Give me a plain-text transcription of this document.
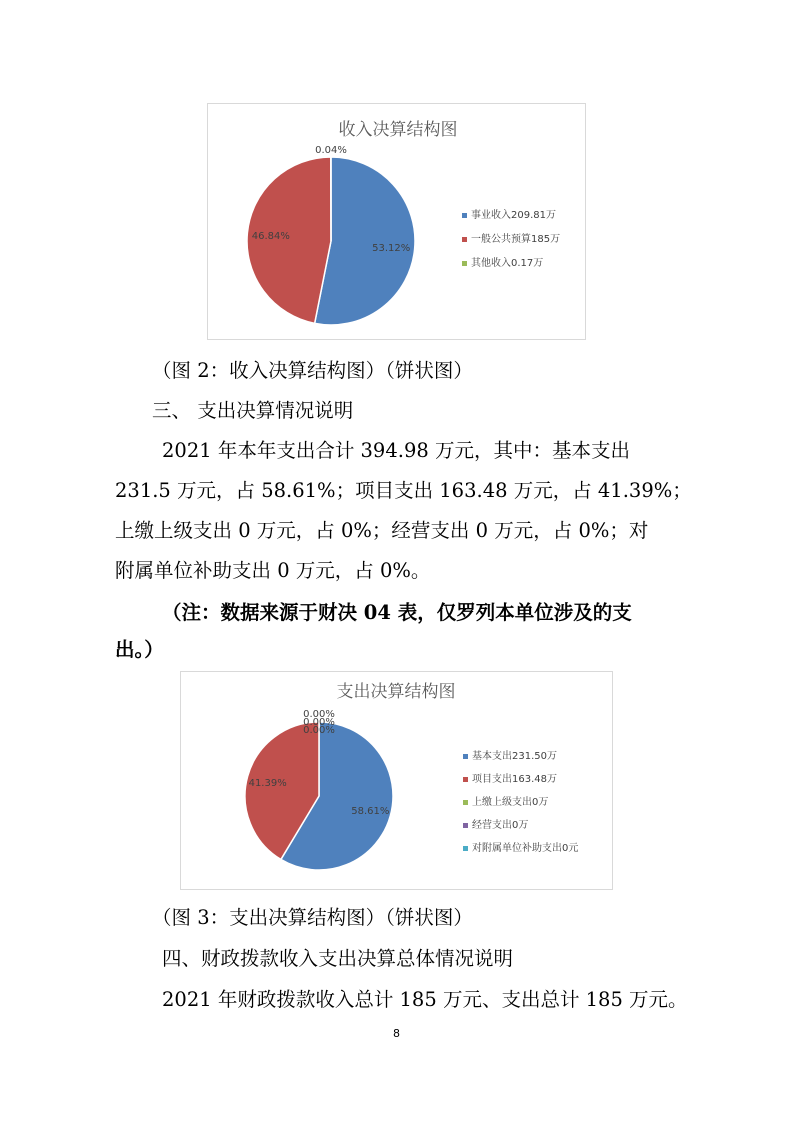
收入决算结构图
53.12%
46.84%
0.04%
事业收入209.81万
一般公共预算185万
其他收入0.17万
（图 2：收入决算结构图）（饼状图）
三、 支出决算情况说明
2021 年本年支出合计 394.98 万元，其中：基本支出
231.5 万元，占 58.61%；项目支出 163.48 万元，占 41.39%；
上缴上级支出 0 万元，占 0%；经营支出 0 万元，占 0%；对
附属单位补助支出 0 万元，占 0%。
（注：数据来源于财决 04 表，仅罗列本单位涉及的支
出。）
支出决算结构图
58.61%
41.39%
0.00%
0.00%
0.00%
基本支出231.50万
项目支出163.48万
上缴上级支出0万
经营支出0万
对附属单位补助支出0元
（图 3：支出决算结构图）（饼状图）
四、财政拨款收入支出决算总体情况说明
2021 年财政拨款收入总计 185 万元、支出总计 185 万元。
8
